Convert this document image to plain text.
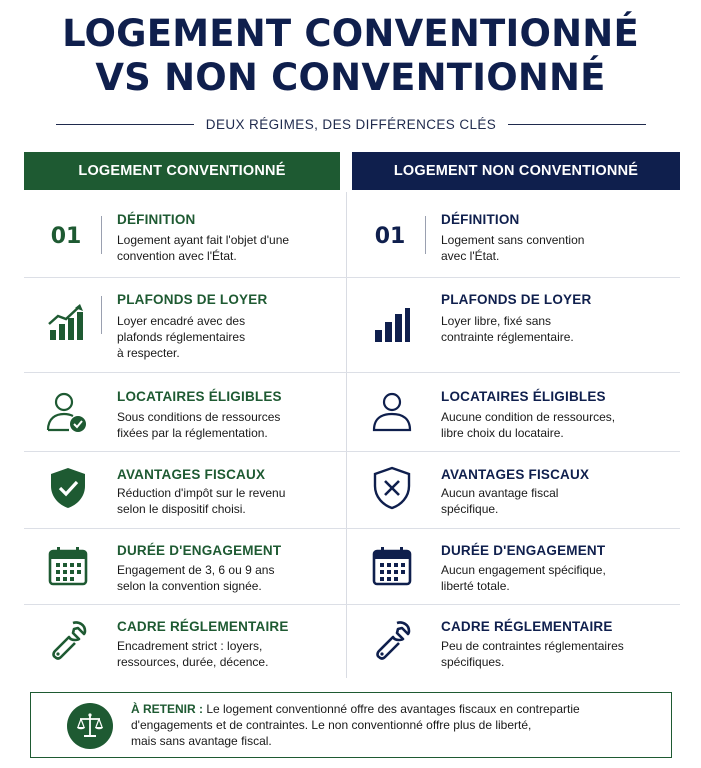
LOGEMENT CONVENTIONNÉ
VS NON CONVENTIONNÉ
DEUX RÉGIMES, DES DIFFÉRENCES CLÉS
LOGEMENT CONVENTIONNÉ	LOGEMENT NON CONVENTIONNÉ
01
DÉFINITION
Logement ayant fait l'objet d'une
convention avec l'État.
PLAFONDS DE LOYER
Loyer encadré avec des
plafonds réglementaires
à respecter.
LOCATAIRES ÉLIGIBLES
Sous conditions de ressources
fixées par la réglementation.
AVANTAGES FISCAUX
Réduction d'impôt sur le revenu
selon le dispositif choisi.
DURÉE D'ENGAGEMENT
Engagement de 3, 6 ou 9 ans
selon la convention signée.
CADRE RÉGLEMENTAIRE
Encadrement strict : loyers,
ressources, durée, décence.
01
DÉFINITION
Logement sans convention
avec l'État.
PLAFONDS DE LOYER
Loyer libre, fixé sans
contrainte réglementaire.
LOCATAIRES ÉLIGIBLES
Aucune condition de ressources,
libre choix du locataire.
AVANTAGES FISCAUX
Aucun avantage fiscal
spécifique.
DURÉE D'ENGAGEMENT
Aucun engagement spécifique,
liberté totale.
CADRE RÉGLEMENTAIRE
Peu de contraintes réglementaires
spécifiques.
À RETENIR : Le logement conventionné offre des avantages fiscaux en contrepartie
d'engagements et de contraintes. Le non conventionné offre plus de liberté,
mais sans avantage fiscal.
